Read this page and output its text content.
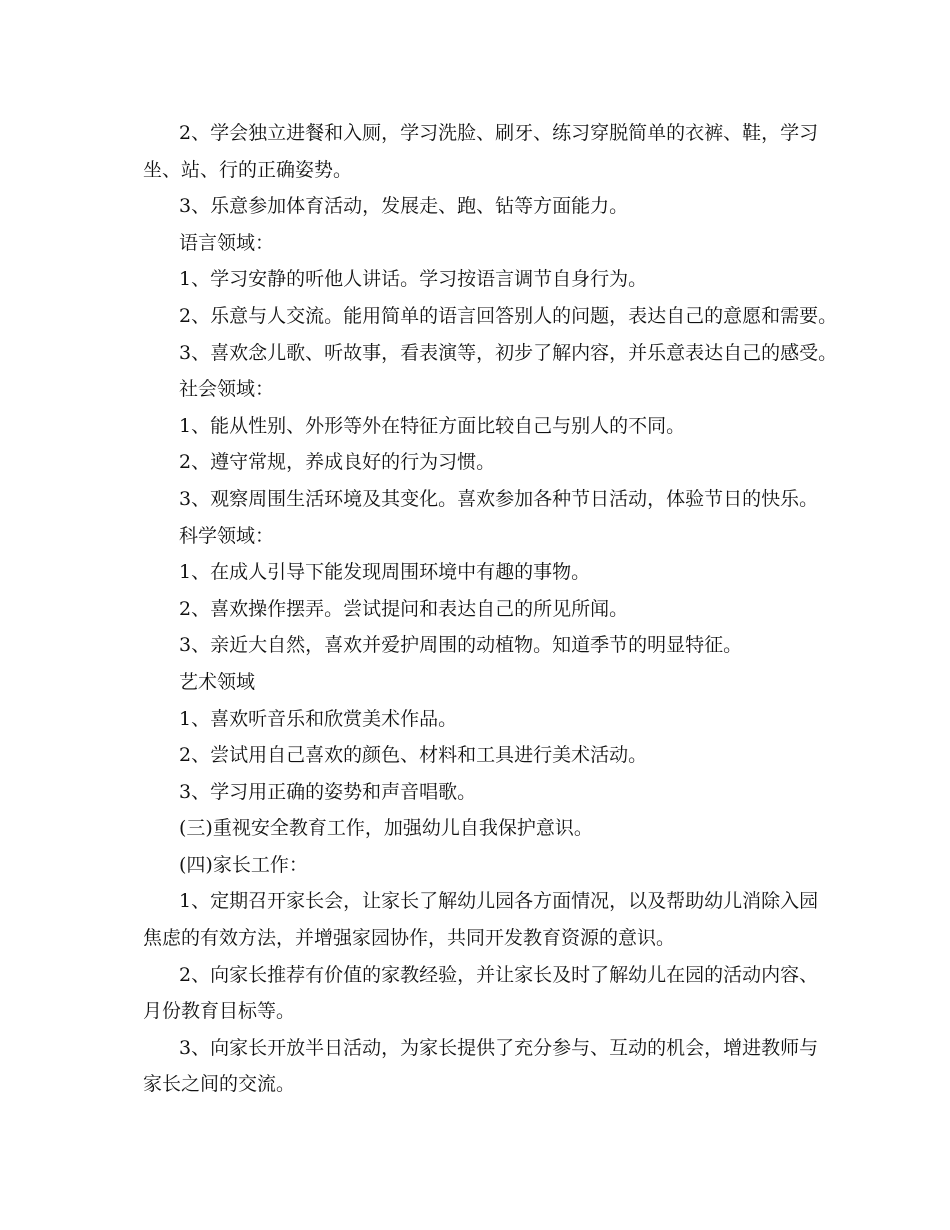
2、学会独立进餐和入厕，学习洗脸、刷牙、练习穿脱简单的衣裤、鞋，学习
坐、站、行的正确姿势。
3、乐意参加体育活动，发展走、跑、钻等方面能力。
语言领域：
1、学习安静的听他人讲话。学习按语言调节自身行为。
2、乐意与人交流。能用简单的语言回答别人的问题，表达自己的意愿和需要。
3、喜欢念儿歌、听故事，看表演等，初步了解内容，并乐意表达自己的感受。
社会领域：
1、能从性别、外形等外在特征方面比较自己与别人的不同。
2、遵守常规，养成良好的行为习惯。
3、观察周围生活环境及其变化。喜欢参加各种节日活动，体验节日的快乐。
科学领域：
1、在成人引导下能发现周围环境中有趣的事物。
2、喜欢操作摆弄。尝试提问和表达自己的所见所闻。
3、亲近大自然，喜欢并爱护周围的动植物。知道季节的明显特征。
艺术领域
1、喜欢听音乐和欣赏美术作品。
2、尝试用自己喜欢的颜色、材料和工具进行美术活动。
3、学习用正确的姿势和声音唱歌。
(三)重视安全教育工作，加强幼儿自我保护意识。
(四)家长工作：
1、定期召开家长会，让家长了解幼儿园各方面情况，以及帮助幼儿消除入园
焦虑的有效方法，并增强家园协作，共同开发教育资源的意识。
2、向家长推荐有价值的家教经验，并让家长及时了解幼儿在园的活动内容、
月份教育目标等。
3、向家长开放半日活动，为家长提供了充分参与、互动的机会，增进教师与
家长之间的交流。
